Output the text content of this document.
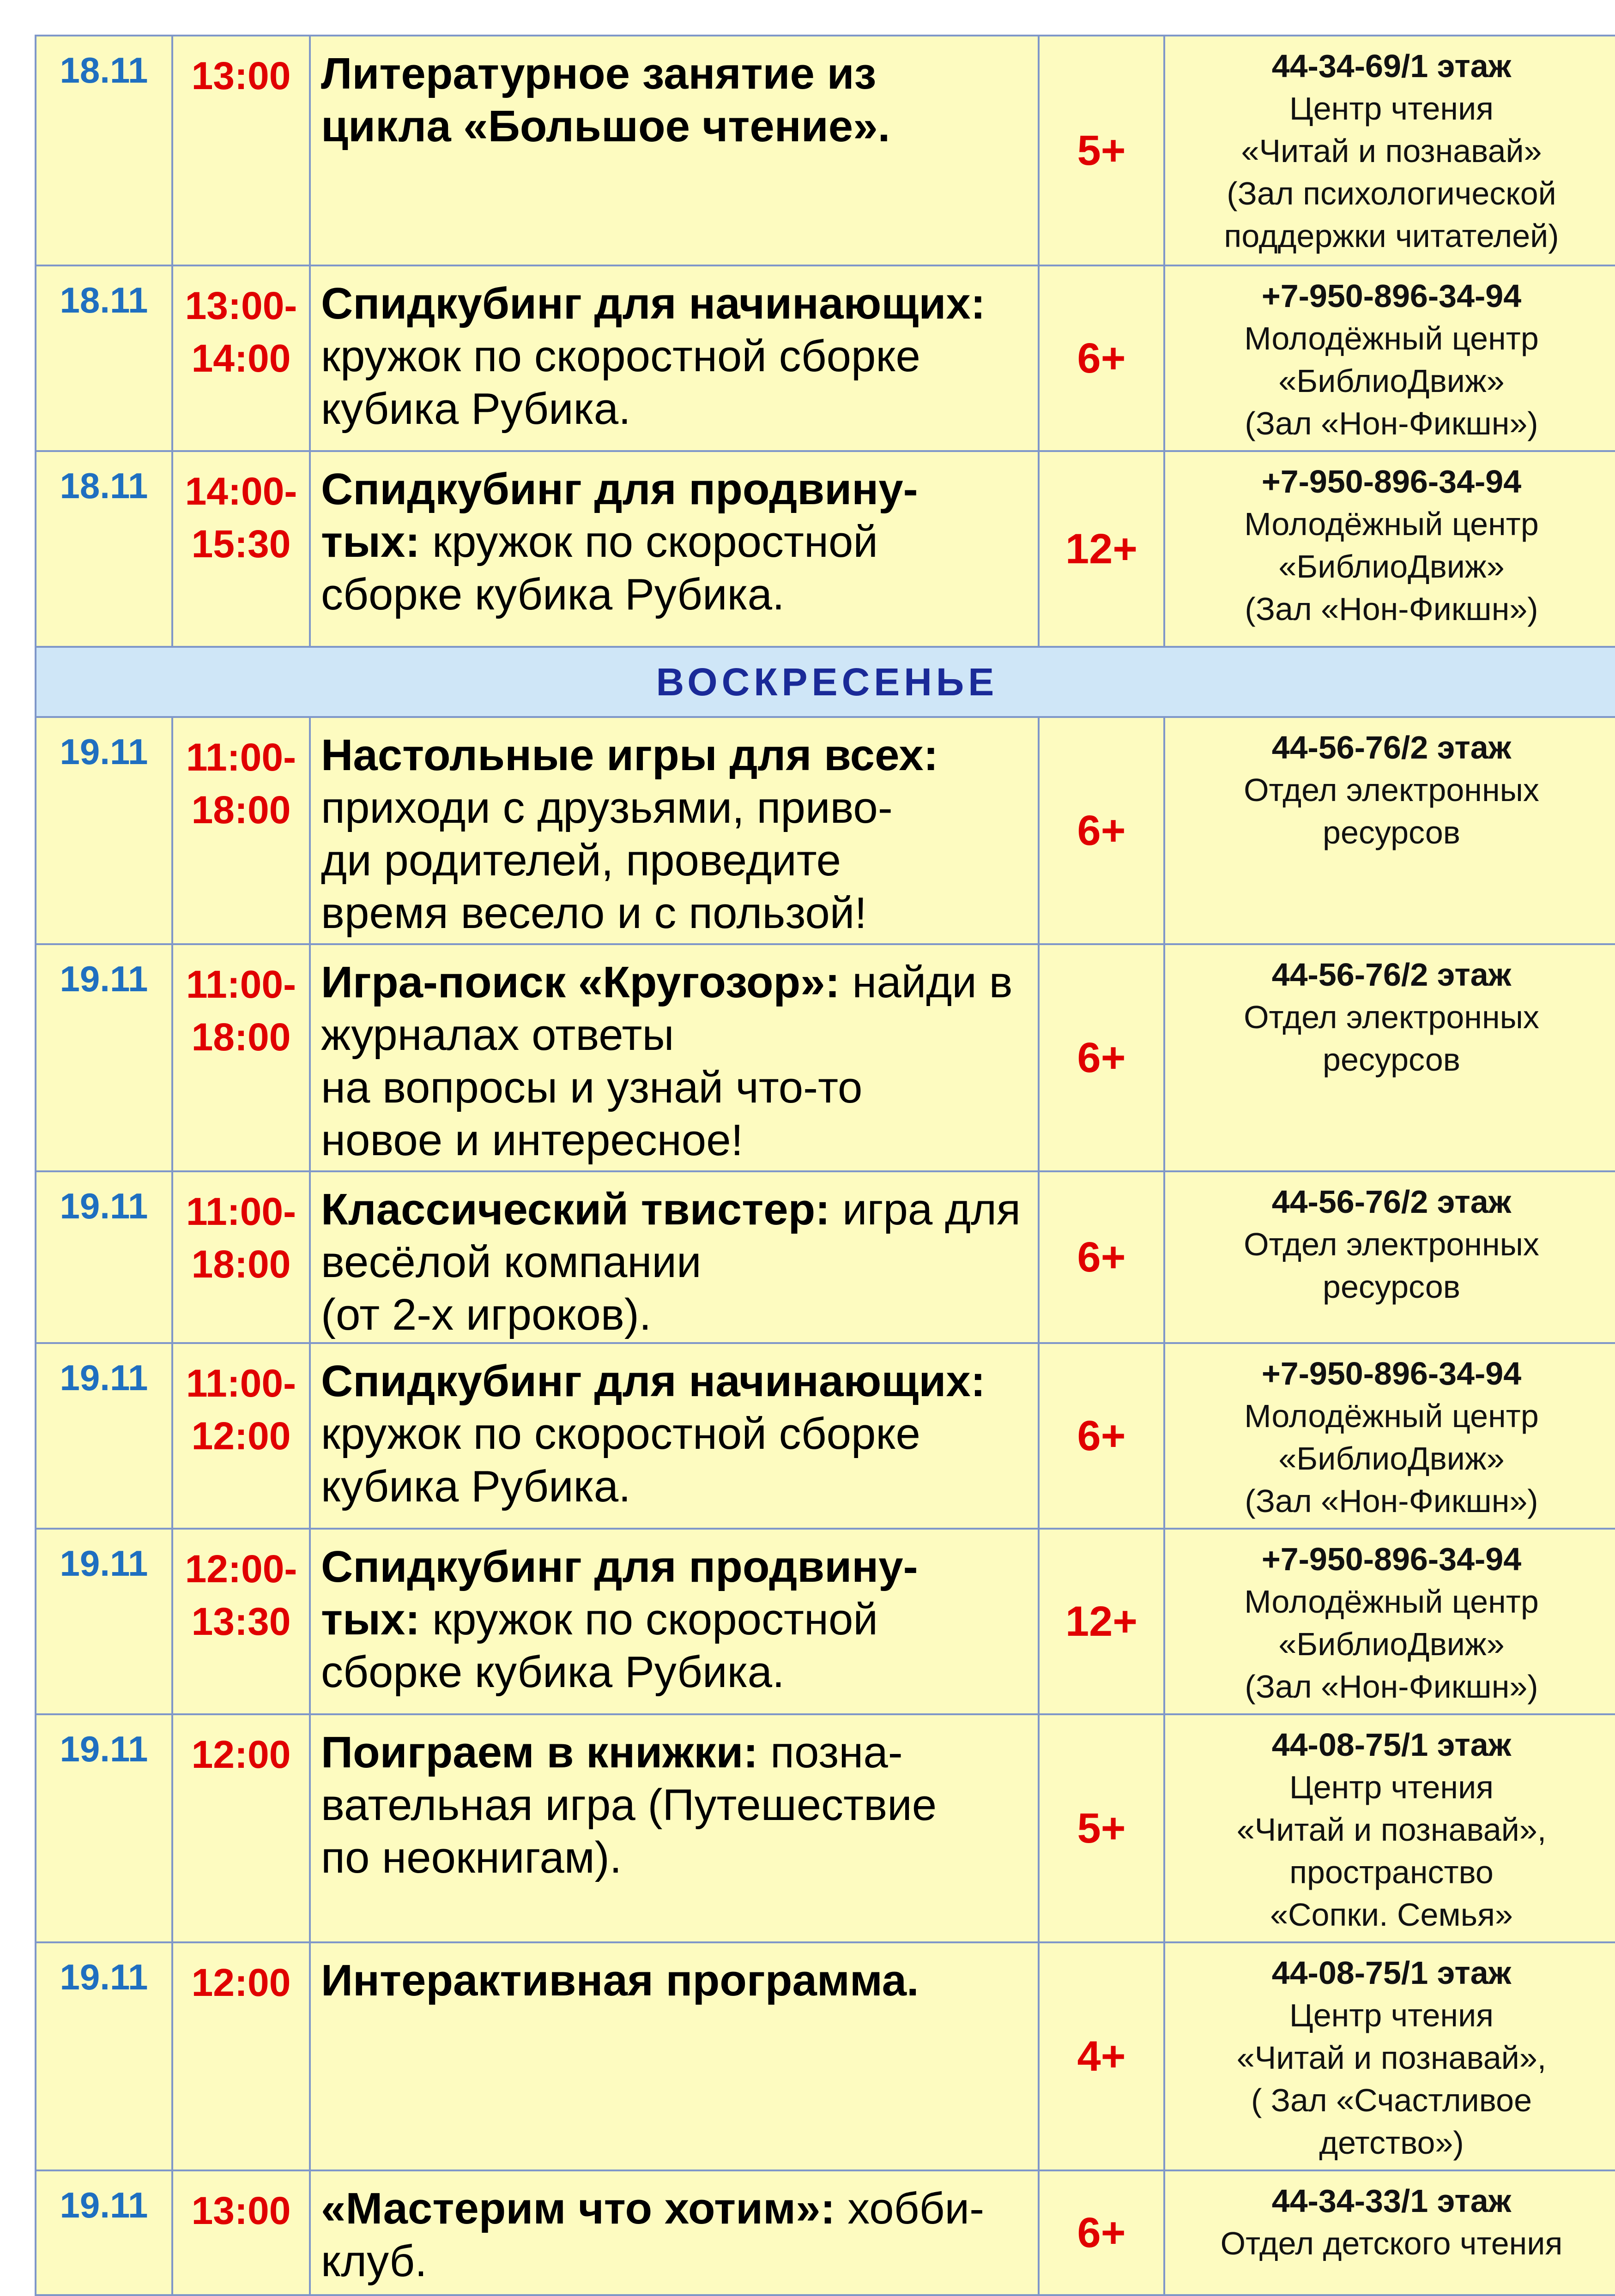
18.11	13:00	Литературное занятие из
цикла «Большое чтение».	5+	44-34-69/1 этаж
Центр чтения
«Читай и познавай»
(Зал психологической
поддержки читателей)

18.11	13:00-
14:00	Спидкубинг для начинающих: кружок по скоростной сборке
кубика Рубика.	6+	+7-950-896-34-94
Молодёжный центр
«БиблиоДвиж»
(Зал «Нон-Фикшн»)

18.11	14:00-
15:30	Спидкубинг для продвину-
тых: кружок по скоростной
сборке кубика Рубика.	12+	+7-950-896-34-94
Молодёжный центр
«БиблиоДвиж»
(Зал «Нон-Фикшн»)

ВОСКРЕСЕНЬЕ				
19.11	11:00-
18:00	Настольные игры для всех: приходи с друзьями, приво-
ди родителей, проведите
время весело и с пользой!	6+	44-56-76/2 этаж
Отдел электронных
ресурсов

19.11	11:00-
18:00	Игра-поиск «Кругозор»: найди в журналах ответы
на вопросы и узнай что-то
новое и интересное!	6+	44-56-76/2 этаж
Отдел электронных
ресурсов

19.11	11:00-
18:00	Классический твистер: игра для весёлой компании
(от 2-х игроков).	6+	44-56-76/2 этаж
Отдел электронных
ресурсов

19.11	11:00-
12:00	Спидкубинг для начинающих: кружок по скоростной сборке
кубика Рубика.	6+	+7-950-896-34-94
Молодёжный центр
«БиблиоДвиж»
(Зал «Нон-Фикшн»)

19.11	12:00-
13:30	Спидкубинг для продвину-
тых: кружок по скоростной
сборке кубика Рубика.	12+	+7-950-896-34-94
Молодёжный центр
«БиблиоДвиж»
(Зал «Нон-Фикшн»)

19.11	12:00	Поиграем в книжки: позна-
вательная игра (Путешествие
по неокнигам).	5+	44-08-75/1 этаж
Центр чтения
«Читай и познавай»,
пространство
«Сопки. Семья»

19.11	12:00	Интерактивная программа.	4+	44-08-75/1 этаж
Центр чтения
«Читай и познавай»,
( Зал «Счастливое
детство»)

19.11	13:00	«Мастерим что хотим»: хобби-клуб.	6+	44-34-33/1 этаж
Отдел детского чтения
